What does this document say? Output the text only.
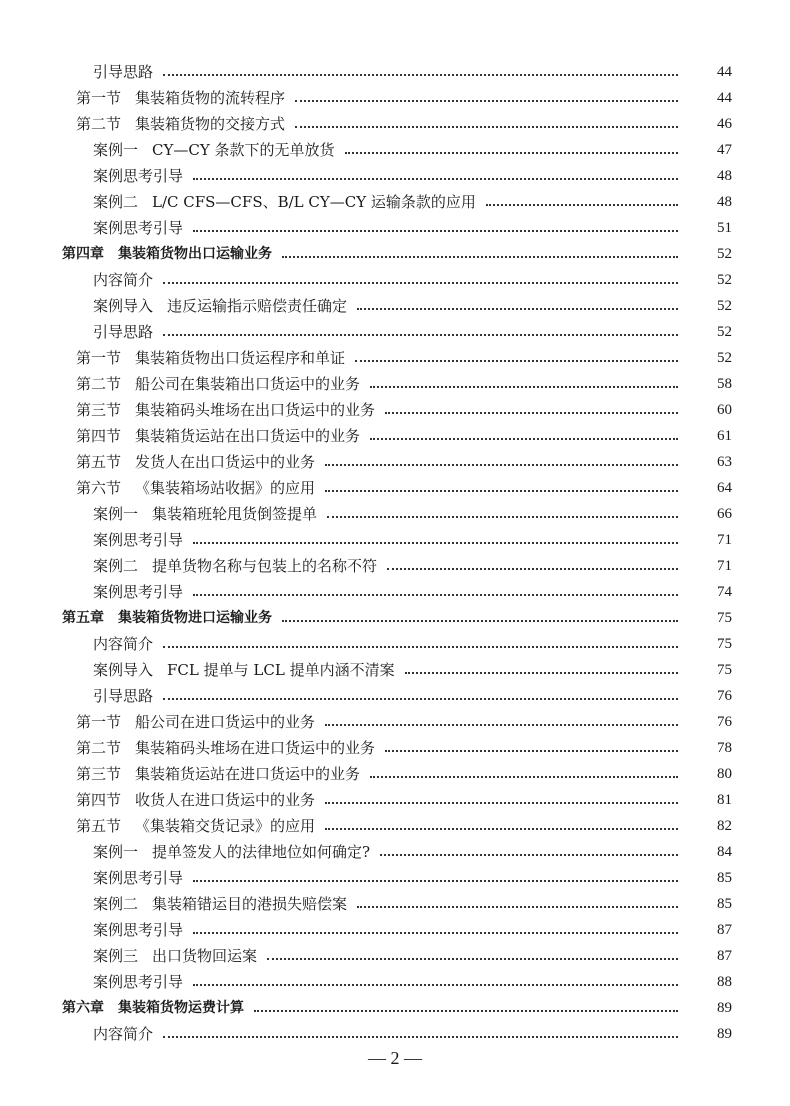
引导思路	44
第一节 集装箱货物的流转程序	44
第二节 集装箱货物的交接方式	46
案例一 CY—CY 条款下的无单放货	47
案例思考引导	48
案例二 L/C CFS—CFS、B/L CY—CY 运输条款的应用	48
案例思考引导	51
第四章 集装箱货物出口运输业务	52
内容简介	52
案例导入 违反运输指示赔偿责任确定	52
引导思路	52
第一节 集装箱货物出口货运程序和单证	52
第二节 船公司在集装箱出口货运中的业务	58
第三节 集装箱码头堆场在出口货运中的业务	60
第四节 集装箱货运站在出口货运中的业务	61
第五节 发货人在出口货运中的业务	63
第六节 《集装箱场站收据》的应用	64
案例一 集装箱班轮甩货倒签提单	66
案例思考引导	71
案例二 提单货物名称与包装上的名称不符	71
案例思考引导	74
第五章 集装箱货物进口运输业务	75
内容简介	75
案例导入 FCL 提单与 LCL 提单内涵不清案	75
引导思路	76
第一节 船公司在进口货运中的业务	76
第二节 集装箱码头堆场在进口货运中的业务	78
第三节 集装箱货运站在进口货运中的业务	80
第四节 收货人在进口货运中的业务	81
第五节 《集装箱交货记录》的应用	82
案例一 提单签发人的法律地位如何确定?	84
案例思考引导	85
案例二 集装箱错运目的港损失赔偿案	85
案例思考引导	87
案例三 出口货物回运案	87
案例思考引导	88
第六章 集装箱货物运费计算	89
内容简介	89
— 2 —
